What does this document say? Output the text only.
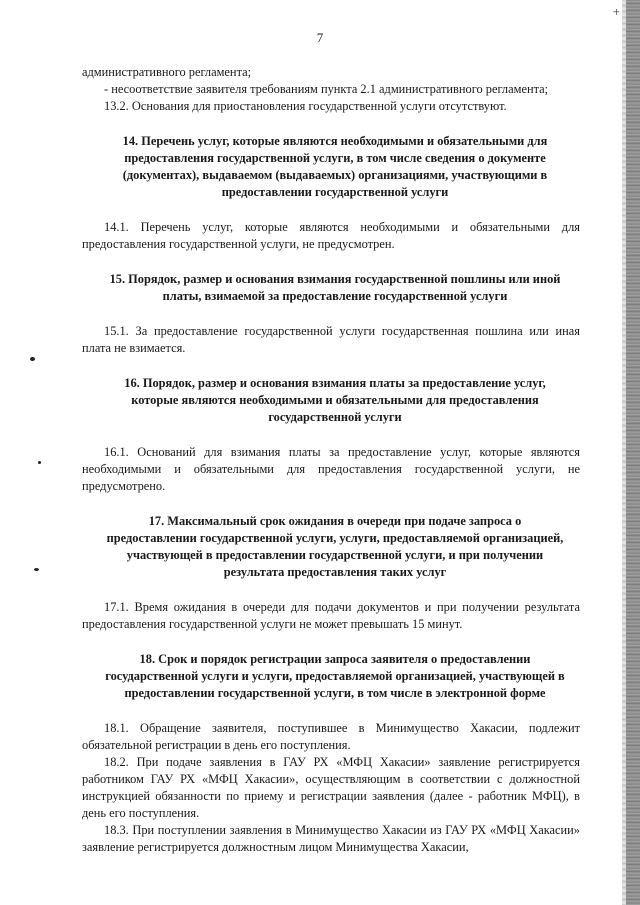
+
7

административного регламента;

- несоответствие заявителя требованиям пункта 2.1 административного регламента;

13.2. Основания для приостановления государственной услуги отсутствуют.

14. Перечень услуг, которые являются необходимыми и обязательными для предоставления государственной услуги, в том числе сведения о документе (документах), выдаваемом (выдаваемых) организациями, участвующими в предоставлении государственной услуги

14.1. Перечень услуг, которые являются необходимыми и обязательными для предоставления государственной услуги, не предусмотрен.

15. Порядок, размер и основания взимания государственной пошлины или иной платы, взимаемой за предоставление государственной услуги

15.1. За предоставление государственной услуги государственная пошлина или иная плата не взимается.

16. Порядок, размер и основания взимания платы за предоставление услуг, которые являются необходимыми и обязательными для предоставления государственной услуги

16.1. Оснований для взимания платы за предоставление услуг, которые являются необходимыми и обязательными для предоставления государственной услуги, не предусмотрено.

17. Максимальный срок ожидания в очереди при подаче запроса о предоставлении государственной услуги, услуги, предоставляемой организацией, участвующей в предоставлении государственной услуги, и при получении результата предоставления таких услуг

17.1. Время ожидания в очереди для подачи документов и при получении результата предоставления государственной услуги не может превышать 15 минут.

18. Срок и порядок регистрации запроса заявителя о предоставлении государственной услуги и услуги, предоставляемой организацией, участвующей в предоставлении государственной услуги, в том числе в электронной форме

18.1. Обращение заявителя, поступившее в Минимущество Хакасии, подлежит обязательной регистрации в день его поступления.

18.2. При подаче заявления в ГАУ РХ «МФЦ Хакасии» заявление регистрируется работником ГАУ РХ «МФЦ Хакасии», осуществляющим в соответствии с должностной инструкцией обязанности по приему и регистрации заявления (далее - работник МФЦ), в день его поступления.

18.3. При поступлении заявления в Минимущество Хакасии из ГАУ РХ «МФЦ Хакасии» заявление регистрируется должностным лицом Минимущества Хакасии,
